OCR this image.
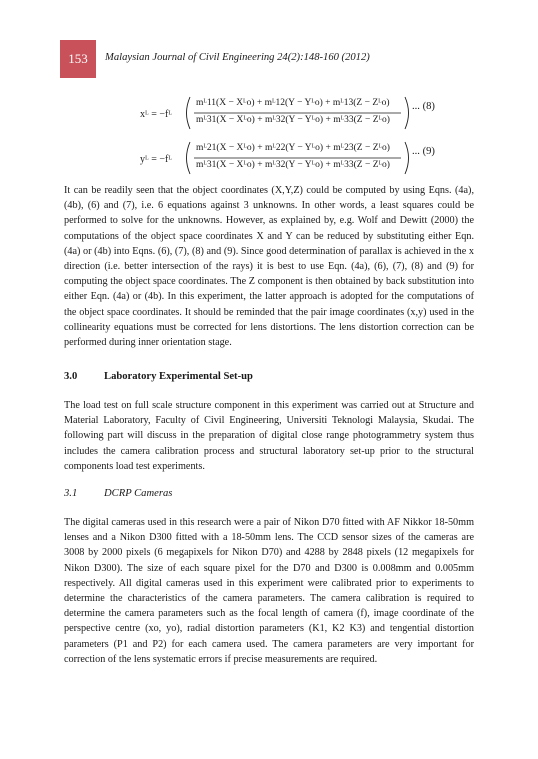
153 Malaysian Journal of Civil Engineering 24(2):148-160 (2012)
xᴸ = −fᴸ
mᴸ11(X − Xᴸo) + mᴸ12(Y − Yᴸo) + mᴸ13(Z − Zᴸo)
mᴸ31(X − Xᴸo) + mᴸ32(Y − Yᴸo) + mᴸ33(Z − Zᴸo)
... (8)
yᴸ = −fᴸ
mᴸ21(X − Xᴸo) + mᴸ22(Y − Yᴸo) + mᴸ23(Z − Zᴸo)
mᴸ31(X − Xᴸo) + mᴸ32(Y − Yᴸo) + mᴸ33(Z − Zᴸo)
... (9)

It can be readily seen that the object coordinates (X,Y,Z) could be computed by using Eqns. (4a), (4b), (6) and (7), i.e. 6 equations against 3 unknowns. In other words, a least squares could be performed to solve for the unknowns. However, as explained by, e.g. Wolf and Dewitt (2000) the computations of the object space coordinates X and Y can be reduced by substituting either Eqn. (4a) or (4b) into Eqns. (6), (7), (8) and (9). Since good determination of parallax is achieved in the x direction (i.e. better intersection of the rays) it is best to use Eqn. (4a), (6), (7), (8) and (9) for computing the object space coordinates. The Z component is then obtained by back substitution into either Eqn. (4a) or (4b). In this experiment, the latter approach is adopted for the computations of the object space coordinates. It should be reminded that the pair image coordinates (x,y) used in the collinearity equations must be corrected for lens distortions. The lens distortion correction can be performed during inner orientation stage.

3.0	Laboratory Experimental Set-up

The load test on full scale structure component in this experiment was carried out at Structure and Material Laboratory, Faculty of Civil Engineering, Universiti Teknologi Malaysia, Skudai. The following part will discuss in the preparation of digital close range photogrammetry system thus includes the camera calibration process and structural laboratory set-up prior to the structural components load test experiments.

3.1	DCRP Cameras

The digital cameras used in this research were a pair of Nikon D70 fitted with AF Nikkor 18-50mm lenses and a Nikon D300 fitted with a 18-50mm lens. The CCD sensor sizes of the cameras are 3008 by 2000 pixels (6 megapixels for Nikon D70) and 4288 by 2848 pixels (12 megapixels for Nikon D300). The size of each square pixel for the D70 and D300 is 0.008mm and 0.005mm respectively. All digital cameras used in this experiment were calibrated prior to experiments to determine the characteristics of the camera parameters. The camera calibration is required to determine the camera parameters such as the focal length of camera (f), image coordinate of the perspective centre (xo, yo), radial distortion parameters (K1, K2 K3) and tengential distortion parameters (P1 and P2) for each camera used. The camera parameters are very important for correction of the lens systematic errors if precise measurements are required.
